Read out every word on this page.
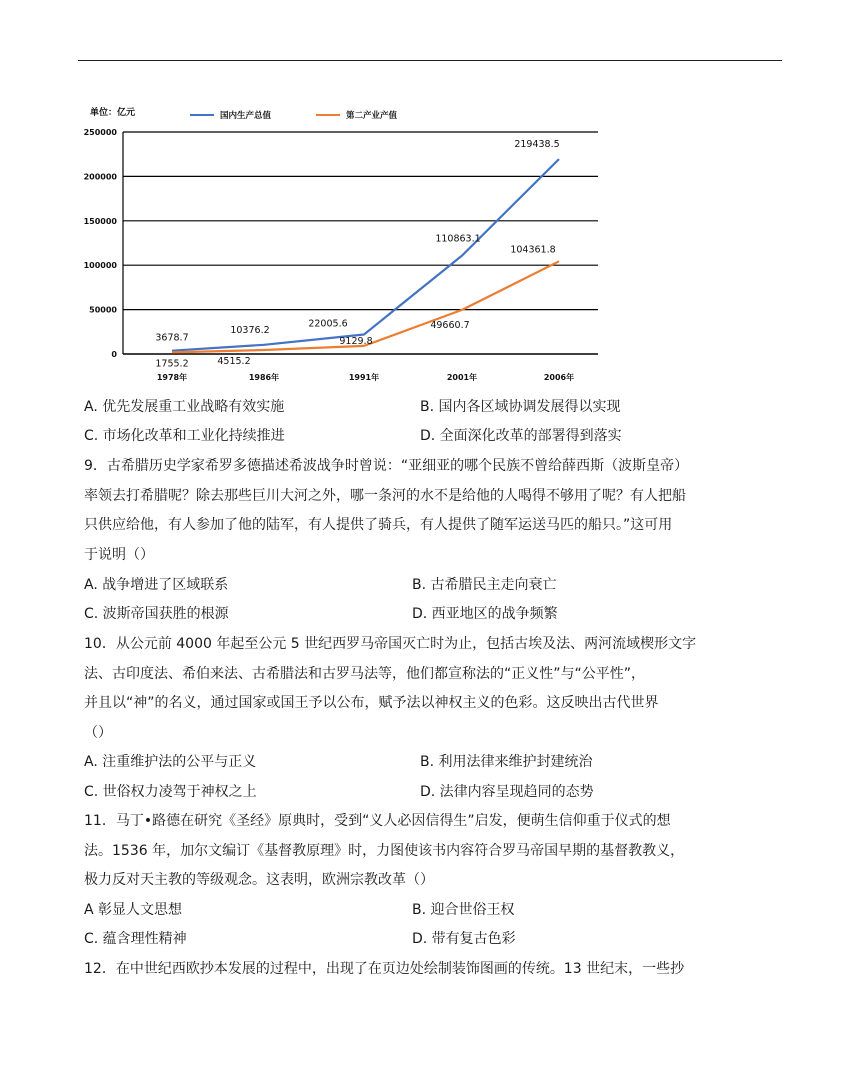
单位：亿元
0
50000
100000
150000
200000
250000
1978年	1986年	1991年	2001年	2006年
国内生产总值	第二产业产值
3678.7
10376.2
22005.6
110863.1
219438.5
1755.2	4515.2
9129.8
49660.7
104361.8
A. 优先发展重工业战略有效实施	B. 国内各区域协调发展得以实现
C. 市场化改革和工业化持续推进	D. 全面深化改革的部署得到落实
9．古希腊历史学家希罗多德描述希波战争时曾说：“亚细亚的哪个民族不曾给薛西斯（波斯皇帝）
率领去打希腊呢？除去那些巨川大河之外，哪一条河的水不是给他的人喝得不够用了呢？有人把船
只供应给他，有人参加了他的陆军，有人提供了骑兵，有人提供了随军运送马匹的船只。”这可用
于说明（）
A. 战争增进了区域联系	B. 古希腊民主走向衰亡
C. 波斯帝国获胜的根源	D. 西亚地区的战争频繁
10．从公元前 4000 年起至公元 5 世纪西罗马帝国灭亡时为止，包括古埃及法、两河流域楔形文字
法、古印度法、希伯来法、古希腊法和古罗马法等，他们都宣称法的“正义性”与“公平性”，
并且以“神”的名义，通过国家或国王予以公布，赋予法以神权主义的色彩。这反映出古代世界
（）
A. 注重维护法的公平与正义	B. 利用法律来维护封建统治
C. 世俗权力凌驾于神权之上	D. 法律内容呈现趋同的态势
11．马丁•路德在研究《圣经》原典时，受到“义人必因信得生”启发，便萌生信仰重于仪式的想
法。1536 年，加尔文编订《基督教原理》时，力图使该书内容符合罗马帝国早期的基督教教义，
极力反对天主教的等级观念。这表明，欧洲宗教改革（）
A 彰显人文思想	B. 迎合世俗王权
C. 蕴含理性精神	D. 带有复古色彩
12．在中世纪西欧抄本发展的过程中，出现了在页边处绘制装饰图画的传统。13 世纪末，一些抄
